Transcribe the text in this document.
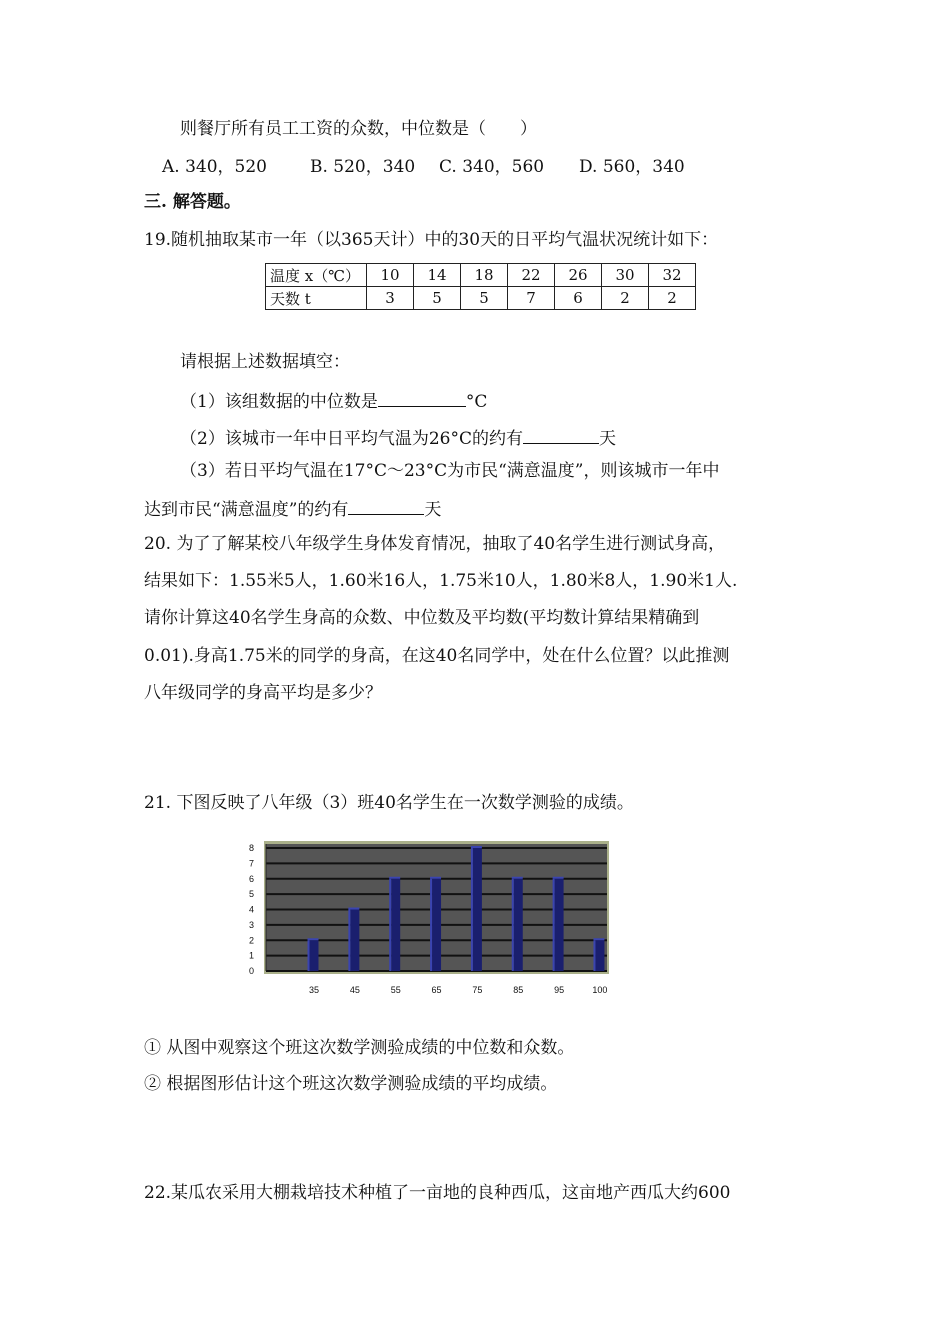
则餐厅所有员工工资的众数，中位数是（　　）
A. 340，520	B. 520，340 C. 340，560 D. 560，340
三. 解答题。
19.随机抽取某市一年（以365天计）中的30天的日平均气温状况统计如下：
温度 x（℃）	10	14	18	22	26	30	32
天数 t	3	5	5	7	6	2	2
请根据上述数据填空：
（1）该组数据的中位数是	°C
（2）该城市一年中日平均气温为26°C的约有	天
（3）若日平均气温在17°C～23°C为市民“满意温度”，则该城市一年中
达到市民“满意温度”的约有	天
20. 为了了解某校八年级学生身体发育情况，抽取了40名学生进行测试身高，
结果如下：1.55米5人，1.60米16人，1.75米10人，1.80米8人，1.90米1人.
请你计算这40名学生身高的众数、中位数及平均数(平均数计算结果精确到
0.01).身高1.75米的同学的身高，在这40名同学中，处在什么位置？以此推测
八年级同学的身高平均是多少？
21. 下图反映了八年级（3）班40名学生在一次数学测验的成绩。
0
1
2
3
4
5
6
7
8
35	45	55	65	75	85	95	100
① 从图中观察这个班这次数学测验成绩的中位数和众数。
② 根据图形估计这个班这次数学测验成绩的平均成绩。
22.某瓜农采用大棚栽培技术种植了一亩地的良种西瓜，这亩地产西瓜大约600
